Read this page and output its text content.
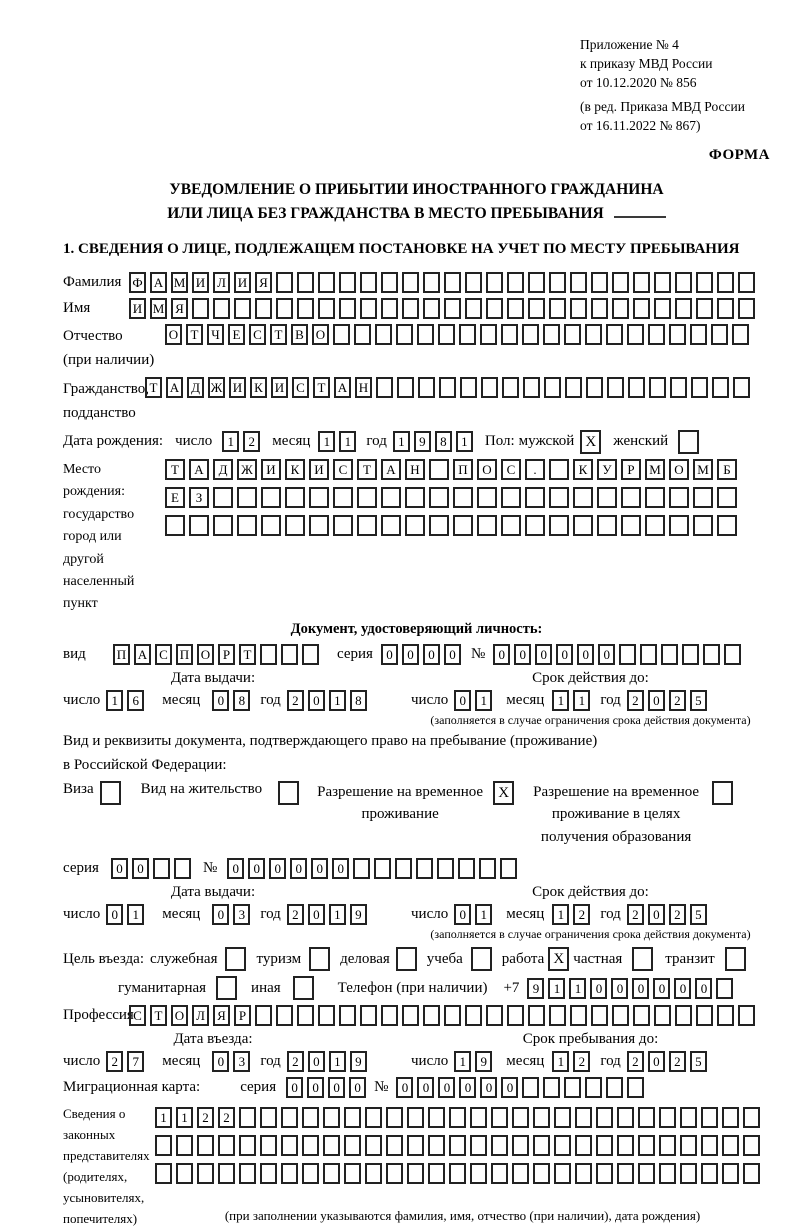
Приложение № 4
к приказу МВД России
от 10.12.2020 № 856
(в ред. Приказа МВД России
от 16.11.2022 № 867)
ФОРМА
УВЕДОМЛЕНИЕ О ПРИБЫТИИ ИНОСТРАННОГО ГРАЖДАНИНА
ИЛИ ЛИЦА БЕЗ ГРАЖДАНСТВА В МЕСТО ПРЕБЫВАНИЯ
1. СВЕДЕНИЯ О ЛИЦЕ, ПОДЛЕЖАЩЕМ ПОСТАНОВКЕ НА УЧЕТ ПО МЕСТУ ПРЕБЫВАНИЯ
Фамилия Ф А М И Л И Я
Имя	И М Я
Отчество
(при наличии)
О Т Ч Е С Т В О
Гражданство,
подданство
Т А Д Ж И К И С Т А Н
Дата рождения: число	1	2	месяц	1	1	год 1	9	8	1	Пол: мужской X	женский
Место рождения:
государство
город или другой
населенный пункт
Т	А	Д	Ж	И	К	И	С	Т	А	Н	П	О	С	.	К	У	Р	М	О	М	Б
Е	З
Документ, удостоверяющий личность:
вид	П А С П О Р	Т	серия	0	0	0	0	№	0	0	0	0	0	0
Дата выдачи:
число 1	6	месяц	0	8	год 2	0	1	8
Срок действия до:
число 0	1	месяц	1	1	год 2	0	2	5
(заполняется в случае ограничения срока действия документа)
Вид и реквизиты документа, подтверждающего право на пребывание (проживание)
в Российской Федерации:
Виза	Вид на жительство	Разрешение на временное проживание
X	Разрешение на временное проживание в целях получения образования
серия	0	0	№	0	0	0	0	0	0
Дата выдачи:
число 0	1	месяц	0	3	год 2	0	1	9
Срок действия до:
число 0	1	месяц	1	2	год 2	0	2	5
(заполняется в случае ограничения срока действия документа)
Цель въезда: служебная	туризм	деловая учеба	работа X частная	транзит
гуманитарная	иная	Телефон (при наличии) +7	9	1	1	0	0	0	0	0	0
Профессия С Т О Л Я	Р
Дата въезда:
число 2	7	месяц	0	3	год 2	0	1	9
Срок пребывания до:
число 1	9	месяц	1	2	год 2	0	2	5
Миграционная карта:	серия	0	0	0	0 №	0	0	0	0	0	0
Сведения о
законных
представителях
(родителях,
усыновителях,
попечителях)
1	1	2	2
(при заполнении указываются фамилия, имя, отчество (при наличии), дата рождения)
